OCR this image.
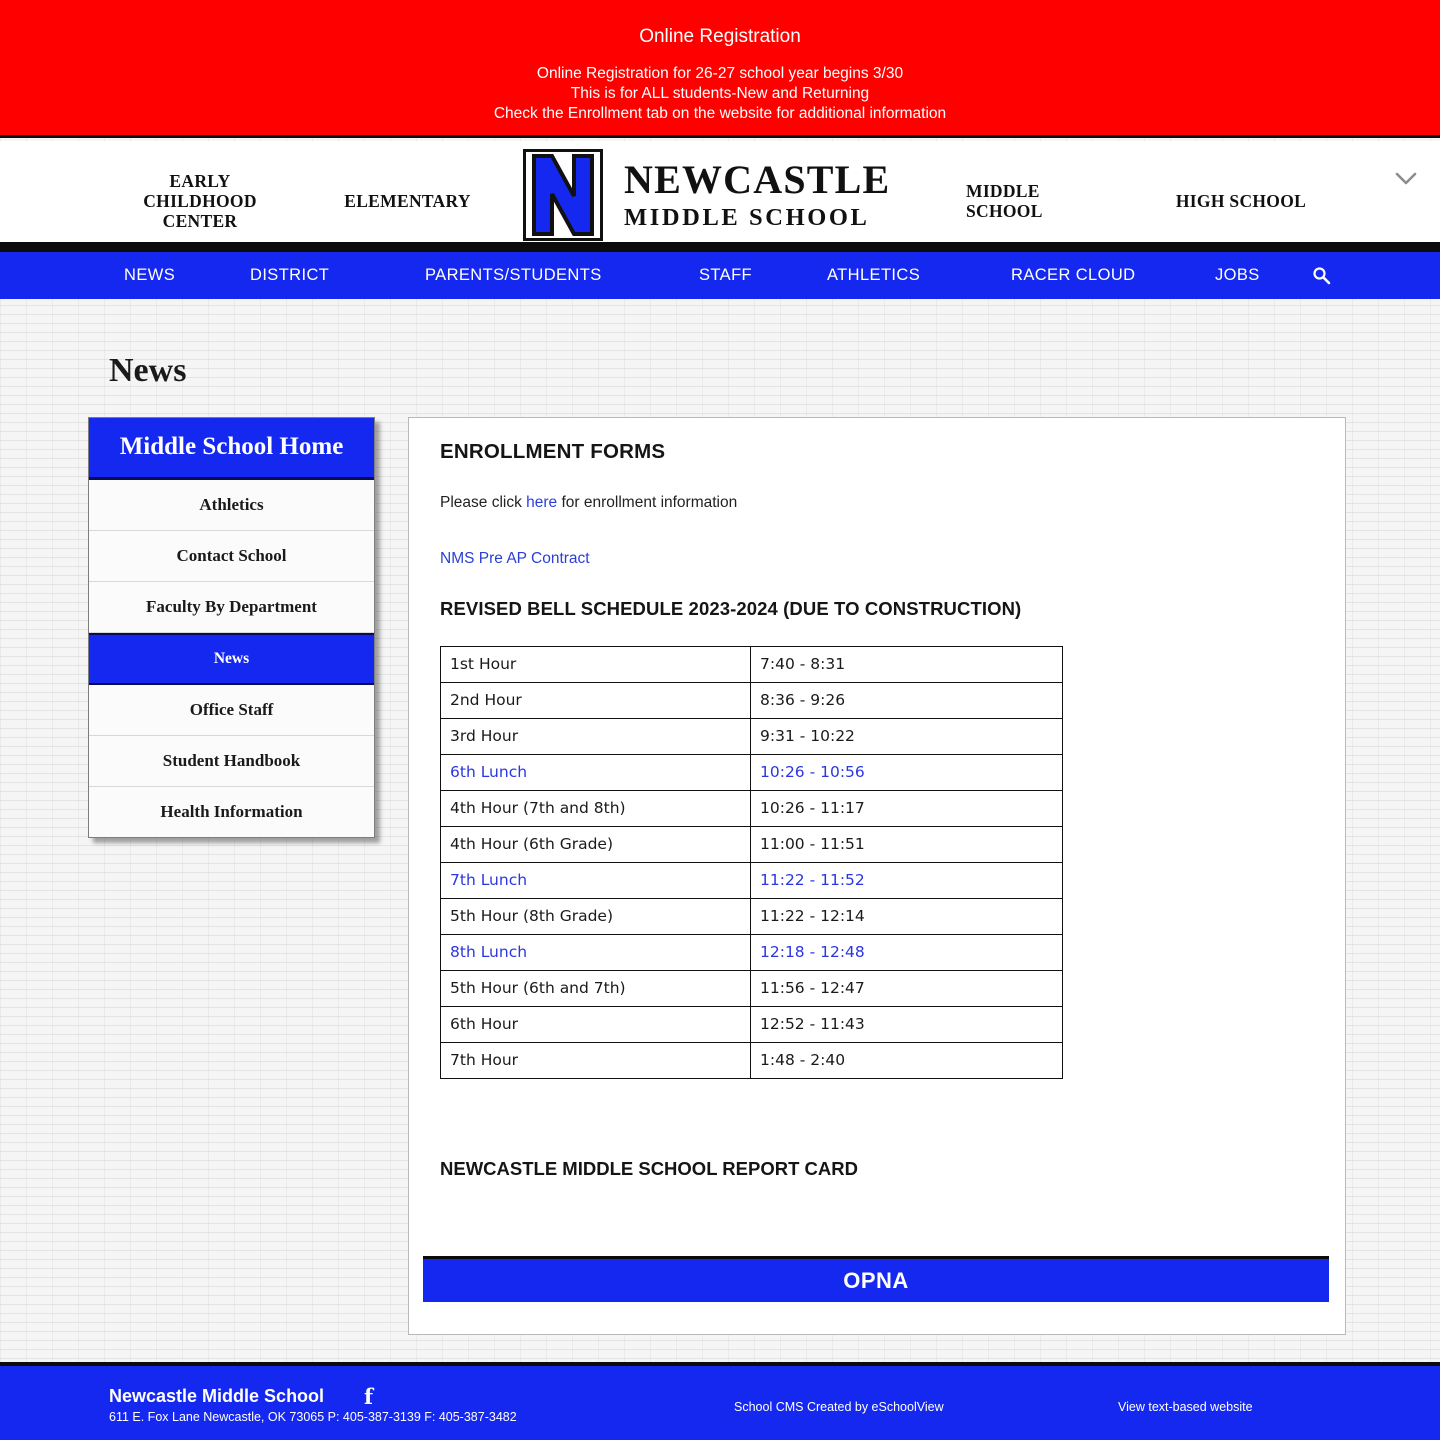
Online Registration
Online Registration for 26-27 school year begins 3/30
This is for ALL students-New and Returning
Check the Enrollment tab on the website for additional information
EARLY CHILDHOOD CENTER
ELEMENTARY	NEWCASTLE
MIDDLE SCHOOL
MIDDLE SCHOOL	HIGH SCHOOL
NEWS	DISTRICT	PARENTS/STUDENTS	STAFF	ATHLETICS	RACER CLOUD	JOBS
News
Middle School Home
Athletics
Contact School
Faculty By Department
News
Office Staff
Student Handbook
Health Information
ENROLLMENT FORMS
Please click here for enrollment information
NMS Pre AP Contract
REVISED BELL SCHEDULE 2023-2024 (DUE TO CONSTRUCTION)
1st Hour	7:40 - 8:31
2nd Hour	8:36 - 9:26
3rd Hour	9:31 - 10:22
6th Lunch	10:26 - 10:56
4th Hour (7th and 8th)	10:26 - 11:17
4th Hour (6th Grade)	11:00 - 11:51
7th Lunch	11:22 - 11:52
5th Hour (8th Grade)	11:22 - 12:14
8th Lunch	12:18 - 12:48
5th Hour (6th and 7th)	11:56 - 12:47
6th Hour	12:52 - 11:43
7th Hour	1:48 - 2:40
NEWCASTLE MIDDLE SCHOOL REPORT CARD
OPNA
Newcastle Middle School f
611 E. Fox Lane Newcastle, OK 73065 P: 405-387-3139 F: 405-387-3482
School CMS Created by eSchoolView	View text-based website
